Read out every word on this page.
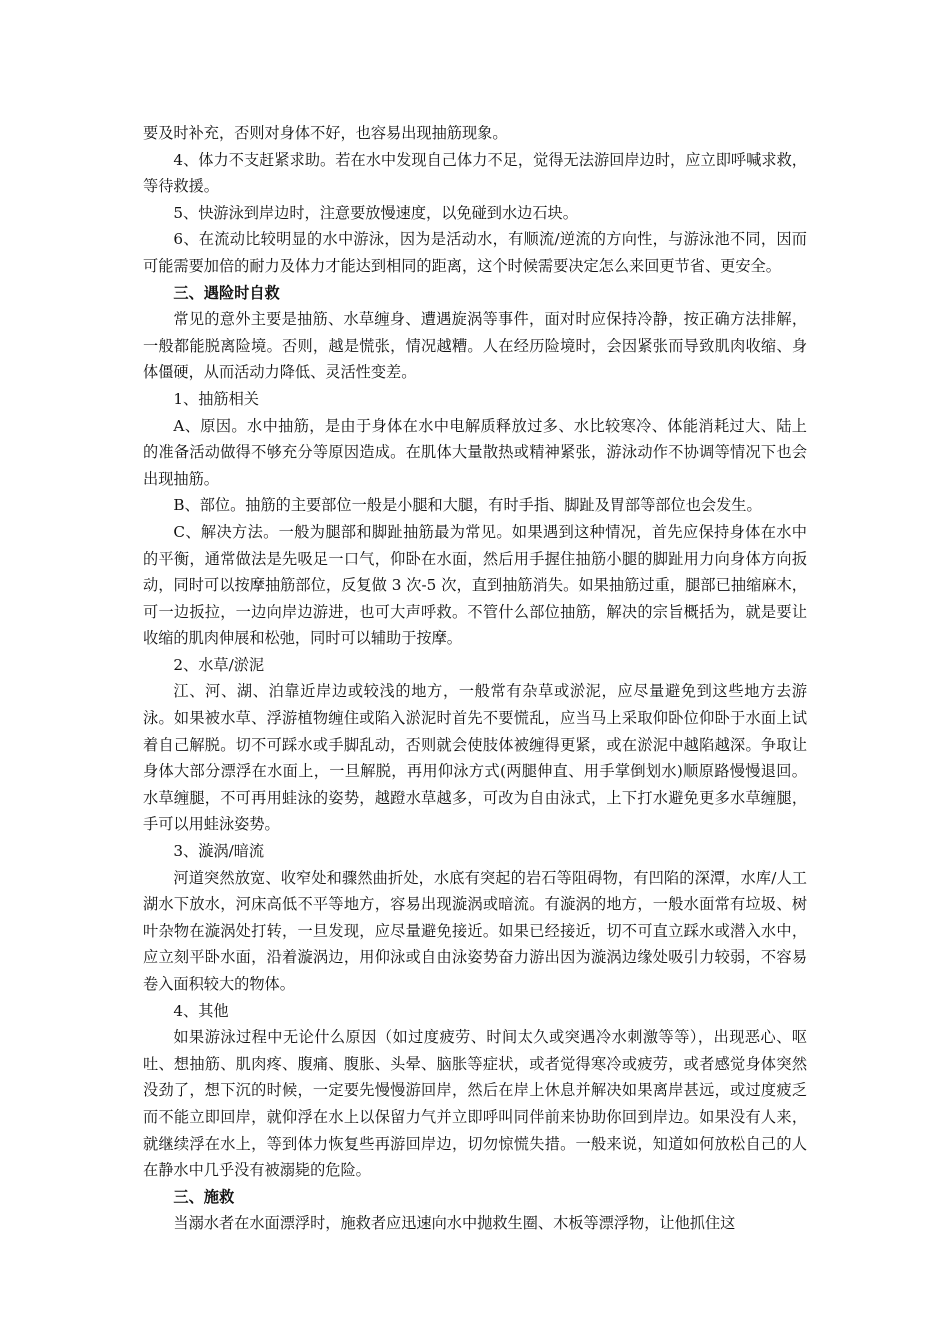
要及时补充，否则对身体不好，也容易出现抽筋现象。

4、体力不支赶紧求助。若在水中发现自己体力不足，觉得无法游回岸边时，应立即呼喊求救，等待救援。

5、快游泳到岸边时，注意要放慢速度，以免碰到水边石块。

6、在流动比较明显的水中游泳，因为是活动水，有顺流/逆流的方向性，与游泳池不同，因而可能需要加倍的耐力及体力才能达到相同的距离，这个时候需要决定怎么来回更节省、更安全。

三、遇险时自救

常见的意外主要是抽筋、水草缠身、遭遇旋涡等事件，面对时应保持冷静，按正确方法排解，一般都能脱离险境。否则，越是慌张，情况越糟。人在经历险境时，会因紧张而导致肌肉收缩、身体僵硬，从而活动力降低、灵活性变差。

1、抽筋相关

A、原因。水中抽筋，是由于身体在水中电解质释放过多、水比较寒冷、体能消耗过大、陆上的准备活动做得不够充分等原因造成。在肌体大量散热或精神紧张，游泳动作不协调等情况下也会出现抽筋。

B、部位。抽筋的主要部位一般是小腿和大腿，有时手指、脚趾及胃部等部位也会发生。

C、解决方法。一般为腿部和脚趾抽筋最为常见。如果遇到这种情况，首先应保持身体在水中的平衡，通常做法是先吸足一口气，仰卧在水面，然后用手握住抽筋小腿的脚趾用力向身体方向扳动，同时可以按摩抽筋部位，反复做 3 次-5 次，直到抽筋消失。如果抽筋过重，腿部已抽缩麻木，可一边扳拉，一边向岸边游进，也可大声呼救。不管什么部位抽筋，解决的宗旨概括为，就是要让收缩的肌肉伸展和松弛，同时可以辅助于按摩。

2、水草/淤泥

江、河、湖、泊靠近岸边或较浅的地方，一般常有杂草或淤泥，应尽量避免到这些地方去游泳。如果被水草、浮游植物缠住或陷入淤泥时首先不要慌乱，应当马上采取仰卧位仰卧于水面上试着自己解脱。切不可踩水或手脚乱动，否则就会使肢体被缠得更紧，或在淤泥中越陷越深。争取让身体大部分漂浮在水面上，一旦解脱，再用仰泳方式(两腿伸直、用手掌倒划水)顺原路慢慢退回。水草缠腿，不可再用蛙泳的姿势，越蹬水草越多，可改为自由泳式，上下打水避免更多水草缠腿，手可以用蛙泳姿势。

3、漩涡/暗流

河道突然放宽、收窄处和骤然曲折处，水底有突起的岩石等阻碍物，有凹陷的深潭，水库/人工湖水下放水，河床高低不平等地方，容易出现漩涡或暗流。有漩涡的地方，一般水面常有垃圾、树叶杂物在漩涡处打转，一旦发现，应尽量避免接近。如果已经接近，切不可直立踩水或潜入水中，应立刻平卧水面，沿着漩涡边，用仰泳或自由泳姿势奋力游出因为漩涡边缘处吸引力较弱，不容易卷入面积较大的物体。

4、其他

如果游泳过程中无论什么原因（如过度疲劳、时间太久或突遇冷水刺激等等），出现恶心、呕吐、想抽筋、肌肉疼、腹痛、腹胀、头晕、脑胀等症状，或者觉得寒冷或疲劳，或者感觉身体突然没劲了，想下沉的时候，一定要先慢慢游回岸，然后在岸上休息并解决如果离岸甚远，或过度疲乏而不能立即回岸，就仰浮在水上以保留力气并立即呼叫同伴前来协助你回到岸边。如果没有人来，就继续浮在水上，等到体力恢复些再游回岸边，切勿惊慌失措。一般来说，知道如何放松自己的人在静水中几乎没有被溺毙的危险。

三、施救

当溺水者在水面漂浮时，施救者应迅速向水中抛救生圈、木板等漂浮物，让他抓住这
